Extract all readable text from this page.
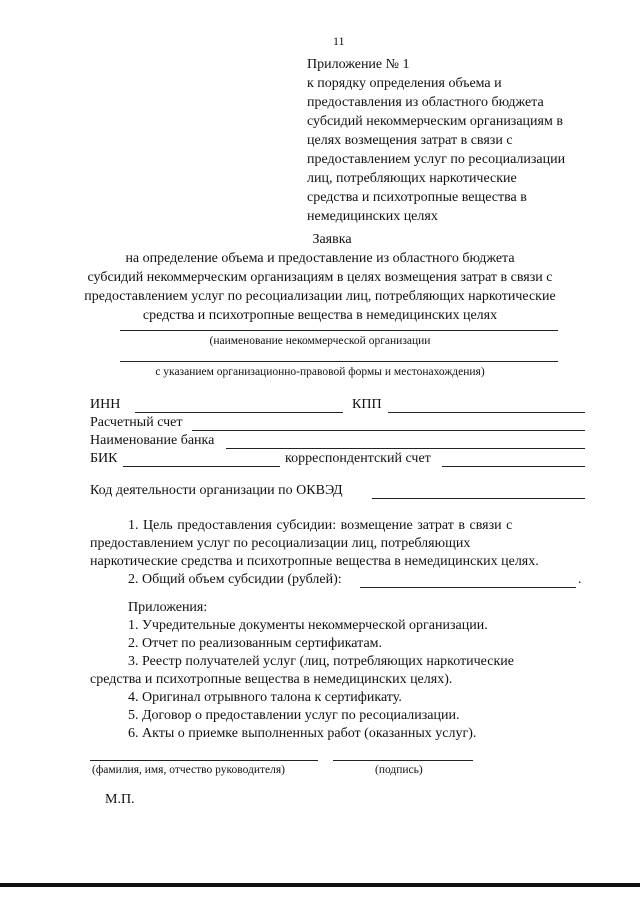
11
Приложение № 1
к порядку определения объема и
предоставления из областного бюджета
субсидий некоммерческим организациям в
целях возмещения затрат в связи с
предоставлением услуг по ресоциализации
лиц, потребляющих наркотические
средства и психотропные вещества в
немедицинских целях
Заявка
на определение объема и предоставление из областного бюджета
субсидий некоммерческим организациям в целях возмещения затрат в связи с
предоставлением услуг по ресоциализации лиц, потребляющих наркотические
средства и психотропные вещества в немедицинских целях
(наименование некоммерческой организации
с указанием организационно-правовой формы и местонахождения)
ИНН	КПП
Расчетный счет
Наименование банка
БИК	корреспондентский счет
Код деятельности организации по ОКВЭД
1. Цель предоставления субсидии: возмещение затрат в связи с
предоставлением услуг по ресоциализации лиц, потребляющих
наркотические средства и психотропные вещества в немедицинских целях.
2. Общий объем субсидии (рублей):	.
Приложения:
1. Учредительные документы некоммерческой организации.
2. Отчет по реализованным сертификатам.
3. Реестр получателей услуг (лиц, потребляющих наркотические
средства и психотропные вещества в немедицинских целях).
4. Оригинал отрывного талона к сертификату.
5. Договор о предоставлении услуг по ресоциализации.
6. Акты о приемке выполненных работ (оказанных услуг).
(фамилия, имя, отчество руководителя)	(подпись)
М.П.
